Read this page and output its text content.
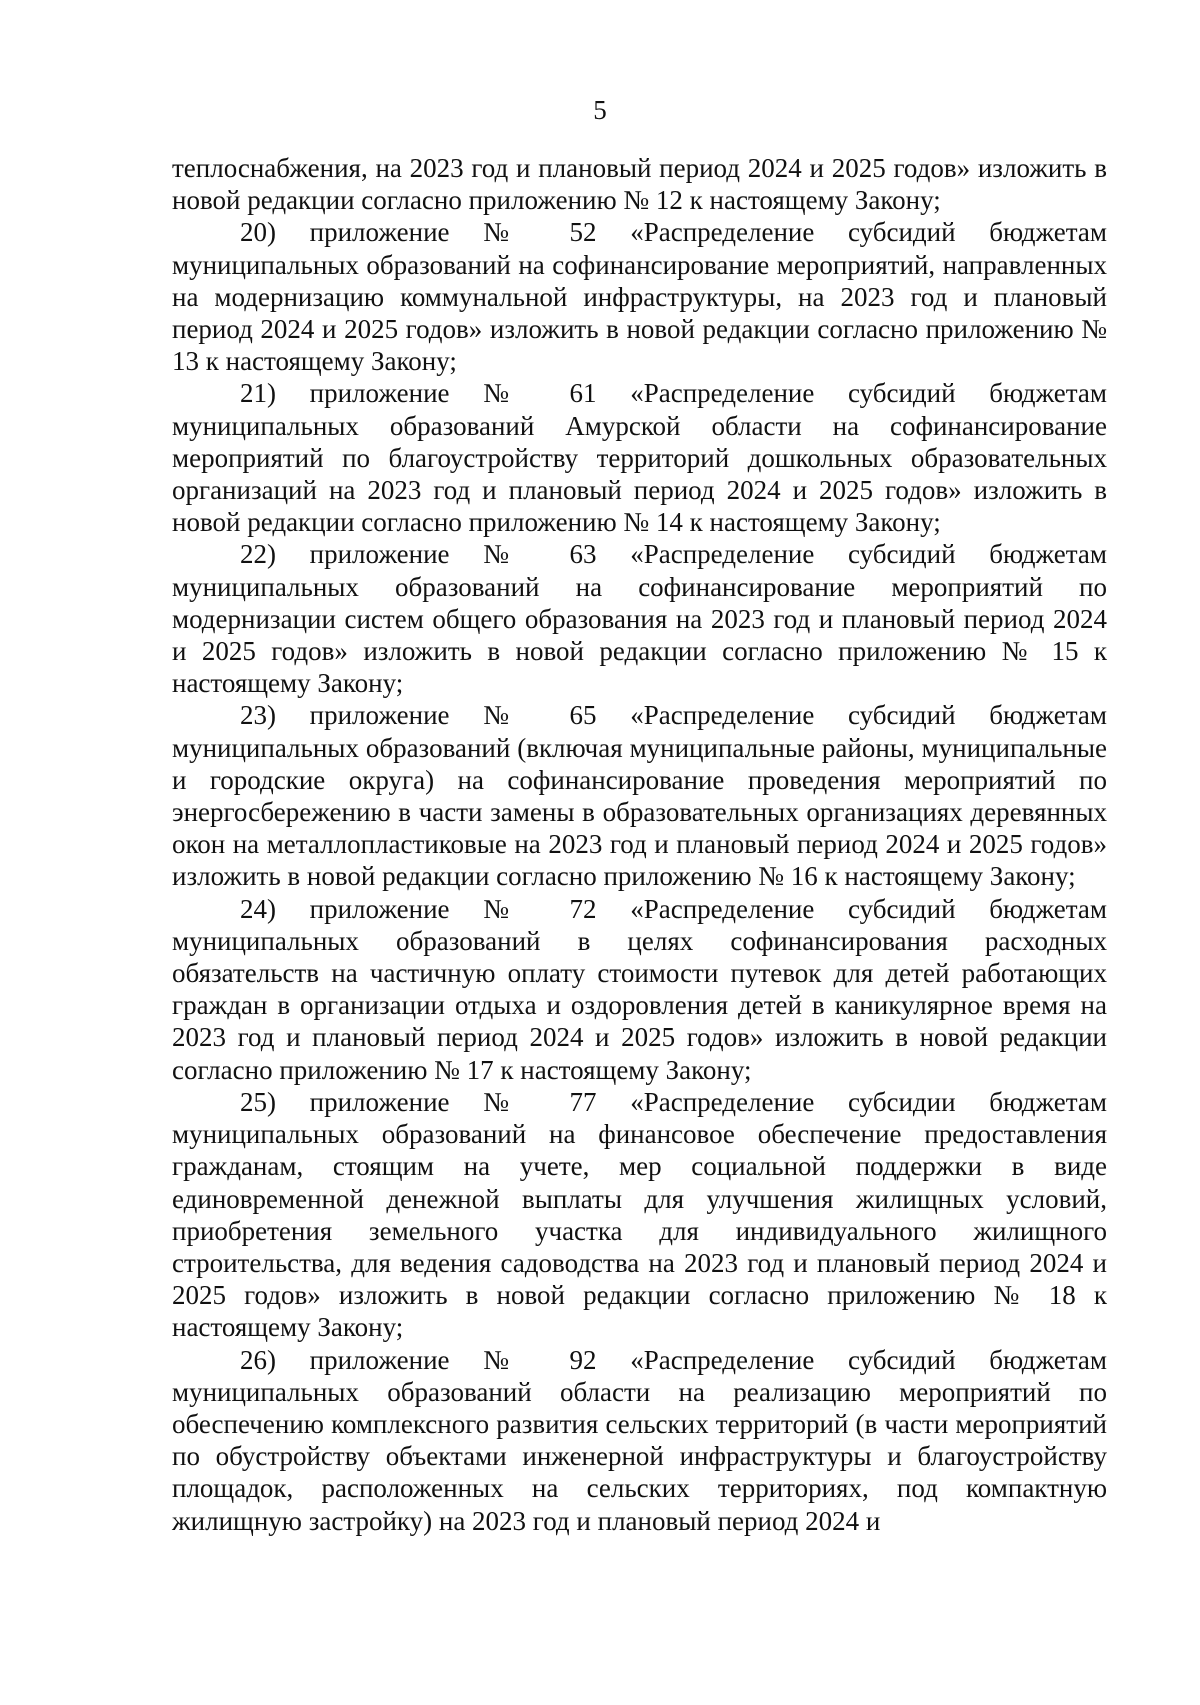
5

теплоснабжения, на 2023 год и плановый период 2024 и 2025 годов» изложить в новой редакции согласно приложению № 12 к настоящему Закону;

20) приложение № 52 «Распределение субсидий бюджетам муниципальных образований на софинансирование мероприятий, направленных на модернизацию коммунальной инфраструктуры, на 2023 год и плановый период 2024 и 2025 годов» изложить в новой редакции согласно приложению № 13 к настоящему Закону;

21) приложение № 61 «Распределение субсидий бюджетам муниципальных образований Амурской области на софинансирование мероприятий по благоустройству территорий дошкольных образовательных организаций на 2023 год и плановый период 2024 и 2025 годов» изложить в новой редакции согласно приложению № 14 к настоящему Закону;

22) приложение № 63 «Распределение субсидий бюджетам муниципальных образований на софинансирование мероприятий по модернизации систем общего образования на 2023 год и плановый период 2024 и 2025 годов» изложить в новой редакции согласно приложению № 15 к настоящему Закону;

23) приложение № 65 «Распределение субсидий бюджетам муниципальных образований (включая муниципальные районы, муниципальные и городские округа) на софинансирование проведения мероприятий по энергосбережению в части замены в образовательных организациях деревянных окон на металлопластиковые на 2023 год и плановый период 2024 и 2025 годов» изложить в новой редакции согласно приложению № 16 к настоящему Закону;

24) приложение № 72 «Распределение субсидий бюджетам муниципальных образований в целях софинансирования расходных обязательств на частичную оплату стоимости путевок для детей работающих граждан в организации отдыха и оздоровления детей в каникулярное время на 2023 год и плановый период 2024 и 2025 годов» изложить в новой редакции согласно приложению № 17 к настоящему Закону;

25) приложение № 77 «Распределение субсидии бюджетам муниципальных образований на финансовое обеспечение предоставления гражданам, стоящим на учете, мер социальной поддержки в виде единовременной денежной выплаты для улучшения жилищных условий, приобретения земельного участка для индивидуального жилищного строительства, для ведения садоводства на 2023 год и плановый период 2024 и 2025 годов» изложить в новой редакции согласно приложению № 18 к настоящему Закону;

26) приложение № 92 «Распределение субсидий бюджетам муниципальных образований области на реализацию мероприятий по обеспечению комплексного развития сельских территорий (в части мероприятий по обустройству объектами инженерной инфраструктуры и благоустройству площадок, расположенных на сельских территориях, под компактную жилищную застройку) на 2023 год и плановый период 2024 и
